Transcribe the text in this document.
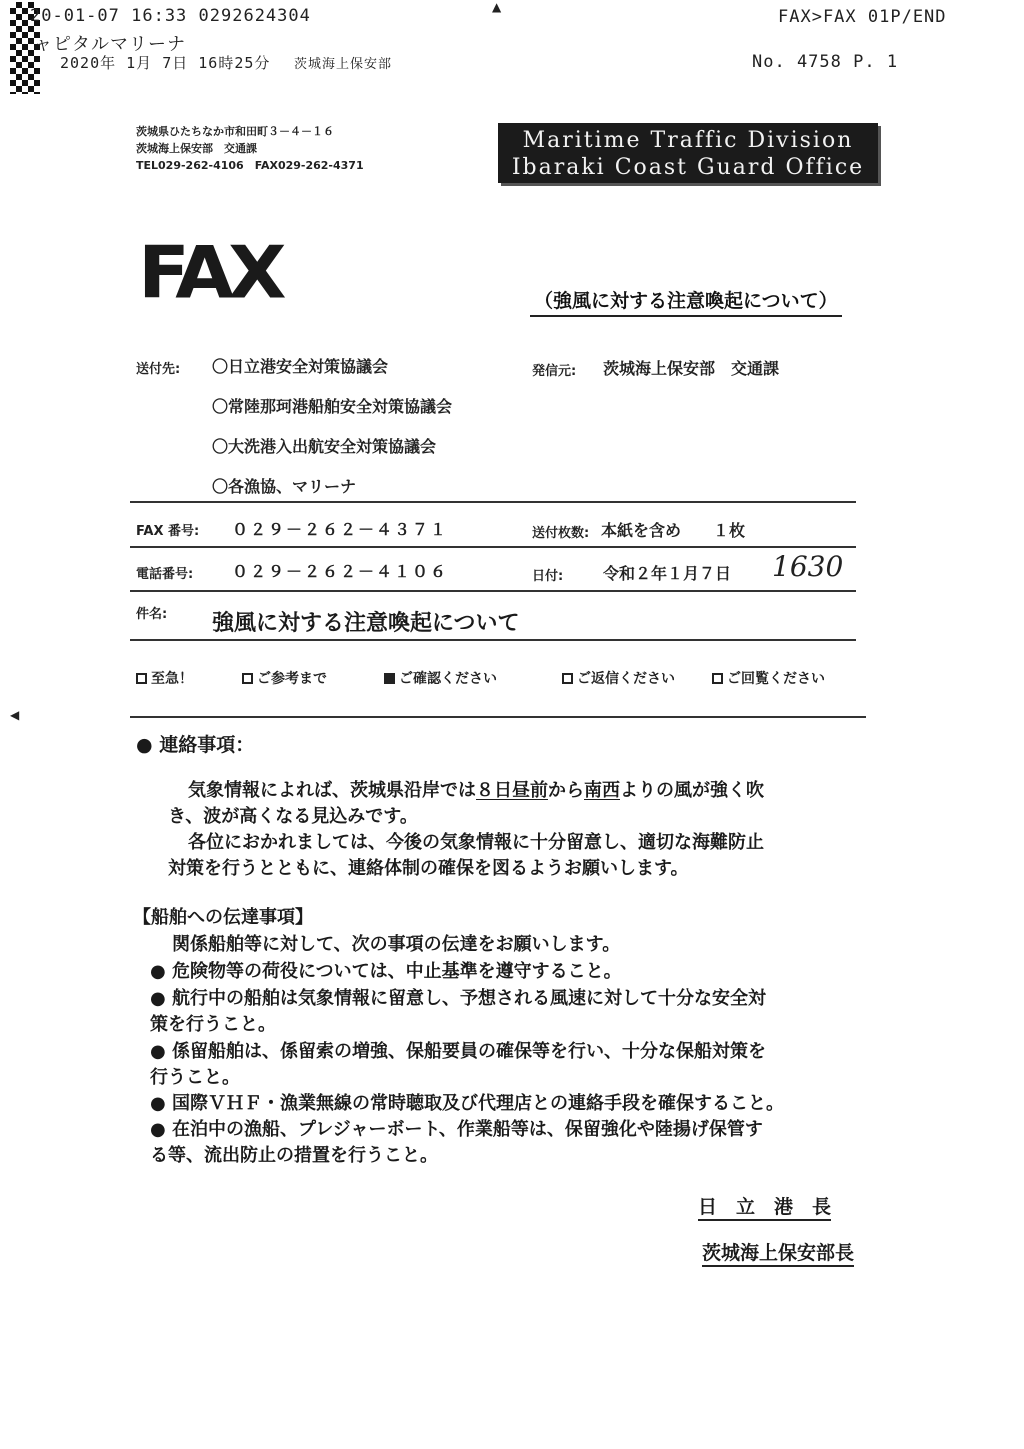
20-01-07 16:33 0292624304
ャピタルマリーナ
2020年 1月 7日 16時25分 茨城海上保安部
▲	FAX>FAX 01P/END
No. 4758 P. 1
茨城県ひたちなか市和田町３－４－１６
茨城海上保安部　交通課
TEL029-262-4106　FAX029-262-4371
Maritime Traffic Division
Ibaraki Coast Guard Office
FAX	（強風に対する注意喚起について）
送付先: 〇日立港安全対策協議会
〇常陸那珂港船舶安全対策協議会
〇大洗港入出航安全対策協議会
〇各漁協、マリーナ
発信元: 茨城海上保安部　交通課
FAX 番号: ０２９－２６２－４３７１	送付枚数: 本紙を含め　　１枚
電話番号: ０２９－２６２－４１０６	日付: 令和２年１月７日 1630
件名: 強風に対する注意喚起について
至急！	ご参考まで	ご確認ください	ご返信ください	ご回覧ください
◀
● 連絡事項：
気象情報によれば、茨城県沿岸では８日昼前から南西よりの風が強く吹
き、波が高くなる見込みです。
各位におかれましては、今後の気象情報に十分留意し、適切な海難防止
対策を行うとともに、連絡体制の確保を図るようお願いします。
【船舶への伝達事項】
関係船舶等に対して、次の事項の伝達をお願いします。
● 危険物等の荷役については、中止基準を遵守すること。
● 航行中の船舶は気象情報に留意し、予想される風速に対して十分な安全対
策を行うこと。
● 係留船舶は、係留索の増強、保船要員の確保等を行い、十分な保船対策を
行うこと。
● 国際ＶＨＦ・漁業無線の常時聴取及び代理店との連絡手段を確保すること。
● 在泊中の漁船、プレジャーボート、作業船等は、保留強化や陸揚げ保管す
る等、流出防止の措置を行うこと。
日　立　港　長
茨城海上保安部長
